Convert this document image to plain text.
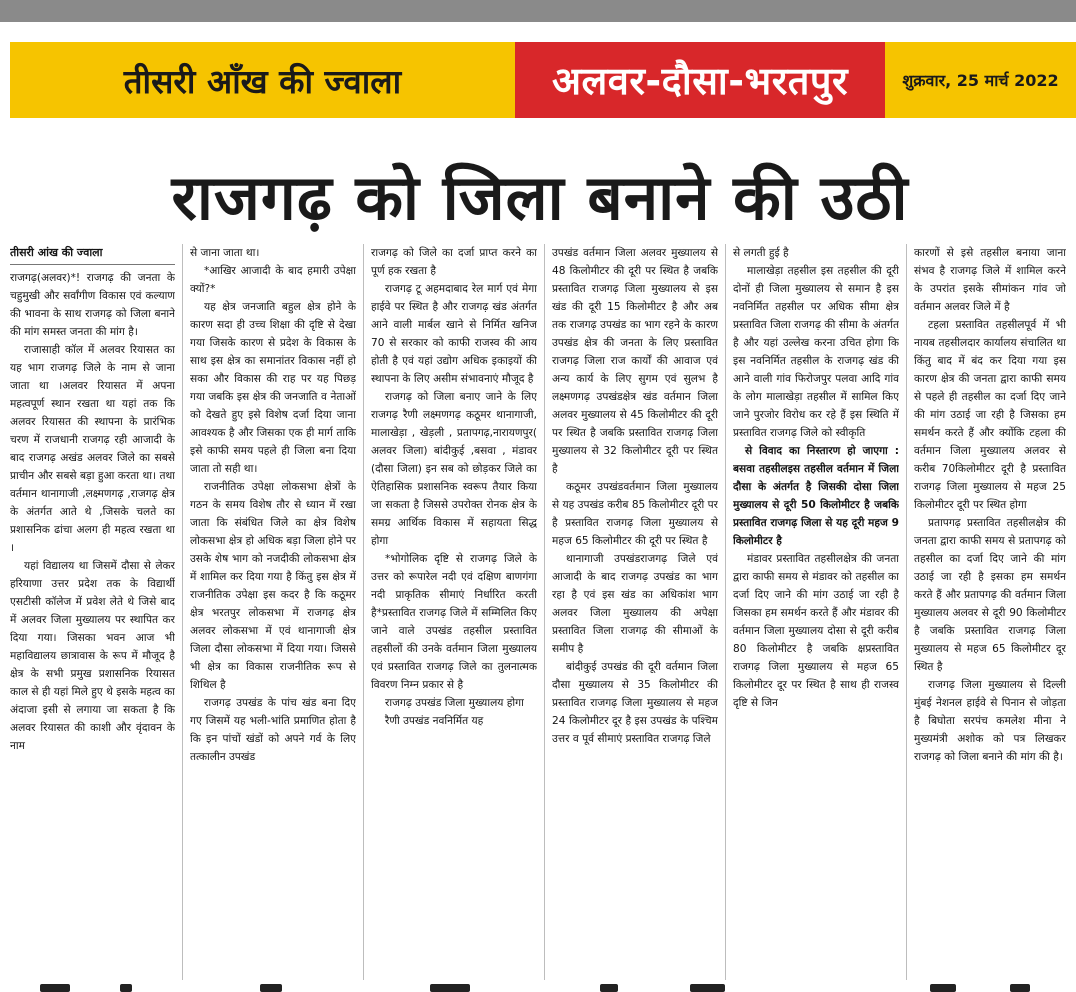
तीसरी आँख की ज्वाला	अलवर-दौसा-भरतपुर	शुक्रवार, 25 मार्च 2022
राजगढ़ को जिला बनाने की उठी
तीसरी आंख की ज्वाला

राजगढ़(अलवर)*! राजगढ़ की जनता के चहुमुखी और सर्वांगीण विकास एवं कल्याण की भावना के साथ राजगढ़ को जिला बनाने की मांग समस्त जनता की मांग है।

राजासाही कॉल में अलवर रियासत का यह भाग राजगढ़ जिले के नाम से जाना जाता था ।अलवर रियासत में अपना महत्वपूर्ण स्थान रखता था यहां तक कि अलवर रियासत की स्थापना के प्रारंभिक चरण में राजधानी राजगढ़ रही आजादी के बाद राजगढ़ अखंड अलवर जिले का सबसे प्राचीन और सबसे बड़ा हुआ करता था। तथा वर्तमान थानागाजी ,लक्ष्मणगढ़ ,राजगढ़ क्षेत्र के अंतर्गत आते थे ,जिसके चलते का प्रशासनिक ढांचा अलग ही महत्व रखता था ।

यहां विद्यालय था जिसमें दौसा से लेकर हरियाणा उत्तर प्रदेश तक के विद्यार्थी एसटीसी कॉलेज में प्रवेश लेते थे जिसे बाद में अलवर जिला मुख्यालय पर स्थापित कर दिया गया। जिसका भवन आज भी महाविद्यालय छात्रावास के रूप में मौजूद है क्षेत्र के सभी प्रमुख प्रशासनिक रियासत काल से ही यहां मिले हुए थे इसके महत्व का अंदाजा इसी से लगाया जा सकता है कि अलवर रियासत की काशी और वृंदावन के नाम

से जाना जाता था।

*आखिर आजादी के बाद हमारी उपेक्षा क्यों?*

यह क्षेत्र जनजाति बहुल क्षेत्र होने के कारण सदा ही उच्च शिक्षा की दृष्टि से देखा गया जिसके कारण से प्रदेश के विकास के साथ इस क्षेत्र का समानांतर विकास नहीं हो सका और विकास की राह पर यह पिछड़ गया जबकि इस क्षेत्र की जनजाति व नेताओं को देखते हुए इसे विशेष दर्जा दिया जाना आवश्यक है और जिसका एक ही मार्ग ताकि इसे काफी समय पहले ही जिला बना दिया जाता तो सही था।

राजनीतिक उपेक्षा लोकसभा क्षेत्रों के गठन के समय विशेष तौर से ध्यान में रखा जाता कि संबंधित जिले का क्षेत्र विशेष लोकसभा क्षेत्र हो अधिक बड़ा जिला होने पर उसके शेष भाग को नजदीकी लोकसभा क्षेत्र में शामिल कर दिया गया है किंतु इस क्षेत्र में राजनीतिक उपेक्षा इस कदर है कि कठूमर क्षेत्र भरतपुर लोकसभा में राजगढ़ क्षेत्र अलवर लोकसभा में एवं थानागाजी क्षेत्र जिला दौसा लोकसभा में दिया गया। जिससे भी क्षेत्र का विकास राजनीतिक रूप से शिथिल है

राजगढ़ उपखंड के पांच खंड बना दिए गए जिसमें यह भली-भांति प्रमाणित होता है कि इन पांचों खंडों को अपने गर्व के लिए तत्कालीन उपखंड

राजगढ़ को जिले का दर्जा प्राप्त करने का पूर्ण हक रखता है

राजगढ़ टू अहमदाबाद रेल मार्ग एवं मेगा हाईवे पर स्थित है और राजगढ़ खंड अंतर्गत आने वाली मार्बल खाने से निर्मित खनिज 70 से सरकार को काफी राजस्व की आय होती है एवं यहां उद्योग अधिक इकाइयों की स्थापना के लिए असीम संभावनाएं मौजूद है

राजगढ़ को जिला बनाए जाने के लिए राजगढ़ रैणी लक्ष्मणगढ़ कठूमर थानागाजी, मालाखेड़ा , खेड़ली , प्रतापगढ़,नारायणपुर( अलवर जिला) बांदीकुई ,बसवा , मंडावर (दौसा जिला) इन सब को छोड़कर जिले का ऐतिहासिक प्रशासनिक स्वरूप तैयार किया जा सकता है जिससे उपरोक्त रोनक क्षेत्र के समग्र आर्थिक विकास में सहायता सिद्ध होगा

*भोगोलिक दृष्टि से राजगढ़ जिले के उत्तर को रूपारेल नदी एवं दक्षिण बाणगंगा नदी प्राकृतिक सीमाएं निर्धारित करती है*प्रस्तावित राजगढ़ जिले में सम्मिलित किए जाने वाले उपखंड तहसील प्रस्तावित तहसीलों की उनके वर्तमान जिला मुख्यालय एवं प्रस्तावित राजगढ़ जिले का तुलनात्मक विवरण निम्न प्रकार से है

राजगढ़ उपखंड जिला मुख्यालय होगा

रैणी उपखंड नवनिर्मित यह

उपखंड वर्तमान जिला अलवर मुख्यालय से 48 किलोमीटर की दूरी पर स्थित है जबकि प्रस्तावित राजगढ़ जिला मुख्यालय से इस खंड की दूरी 15 किलोमीटर है और अब तक राजगढ़ उपखंड का भाग रहने के कारण उपखंड क्षेत्र की जनता के लिए प्रस्तावित राजगढ़ जिला राज कार्यों की आवाज एवं अन्य कार्य के लिए सुगम एवं सुलभ है लक्ष्मणगढ़ उपखंडक्षेत्र खंड वर्तमान जिला अलवर मुख्यालय से 45 किलोमीटर की दूरी पर स्थित है जबकि प्रस्तावित राजगढ़ जिला मुख्यालय से 32 किलोमीटर दूरी पर स्थित है

कठूमर उपखंडवर्तमान जिला मुख्यालय से यह उपखंड करीब 85 किलोमीटर दूरी पर है प्रस्तावित राजगढ़ जिला मुख्यालय से महज 65 किलोमीटर की दूरी पर स्थित है

थानागाजी उपखंडराजगढ़ जिले एवं आजादी के बाद राजगढ़ उपखंड का भाग रहा है एवं इस खंड का अधिकांश भाग अलवर जिला मुख्यालय की अपेक्षा प्रस्तावित जिला राजगढ़ की सीमाओं के समीप है

बांदीकुई उपखंड की दूरी वर्तमान जिला दौसा मुख्यालय से 35 किलोमीटर की प्रस्तावित राजगढ़ जिला मुख्यालय से महज 24 किलोमीटर दूर है इस उपखंड के पश्चिम उत्तर व पूर्व सीमाएं प्रस्तावित राजगढ़ जिले

से लगती हुई है

मालाखेड़ा तहसील इस तहसील की दूरी दोनों ही जिला मुख्यालय से समान है इस नवनिर्मित तहसील पर अधिक सीमा क्षेत्र प्रस्तावित जिला राजगढ़ की सीमा के अंतर्गत है और यहां उल्लेख करना उचित होगा कि इस नवनिर्मित तहसील के राजगढ़ खंड की आने वाली गांव फिरोजपुर पलवा आदि गांव के लोग मालाखेड़ा तहसील में सामिल किए जाने पुरजोर विरोध कर रहे हैं इस स्थिति में प्रस्तावित राजगढ़ जिले को स्वीकृति

से विवाद का निस्तारण हो जाएगा : बसवा तहसीलइस तहसील वर्तमान में जिला दौसा के अंतर्गत है जिसकी दोसा जिला मुख्यालय से दूरी 50 किलोमीटर है जबकि प्रस्तावित राजगढ़ जिला से यह दूरी महज 9 किलोमीटर है

मंडावर प्रस्तावित तहसीलक्षेत्र की जनता द्वारा काफी समय से मंडावर को तहसील का दर्जा दिए जाने की मांग उठाई जा रही है जिसका हम समर्थन करते हैं और मंडावर की वर्तमान जिला मुख्यालय दोसा से दूरी करीब 80 किलोमीटर है जबकि क्षप्रस्तावित राजगढ़ जिला मुख्यालय से महज 65 किलोमीटर दूर पर स्थित है साथ ही राजस्व दृष्टि से जिन

कारणों से इसे तहसील बनाया जाना संभव है राजगढ़ जिले में शामिल करने के उपरांत इसके सीमांकन गांव जो वर्तमान अलवर जिले में है

टहला प्रस्तावित तहसीलपूर्व में भी नायब तहसीलदार कार्यालय संचालित था किंतु बाद में बंद कर दिया गया इस कारण क्षेत्र की जनता द्वारा काफी समय से पहले ही तहसील का दर्जा दिए जाने की मांग उठाई जा रही है जिसका हम समर्थन करते हैं और क्योंकि टहला की वर्तमान जिला मुख्यालय अलवर से करीब 70किलोमीटर दूरी है प्रस्तावित राजगढ़ जिला मुख्यालय से महज 25 किलोमीटर दूरी पर स्थित होगा

प्रतापगढ़ प्रस्तावित तहसीलक्षेत्र की जनता द्वारा काफी समय से प्रतापगढ़ को तहसील का दर्जा दिए जाने की मांग उठाई जा रही है इसका हम समर्थन करते हैं और प्रतापगढ़ की वर्तमान जिला मुख्यालय अलवर से दूरी 90 किलोमीटर है जबकि प्रस्तावित राजगढ़ जिला मुख्यालय से महज 65 किलोमीटर दूर स्थित है

राजगढ़ जिला मुख्यालय से दिल्ली मुंबई नेशनल हाईवे से पिनान से जोड़ता है बिघोता सरपंच कमलेश मीना ने मुख्यमंत्री अशोक को पत्र लिखकर राजगढ़ को जिला बनाने की मांग की है।
